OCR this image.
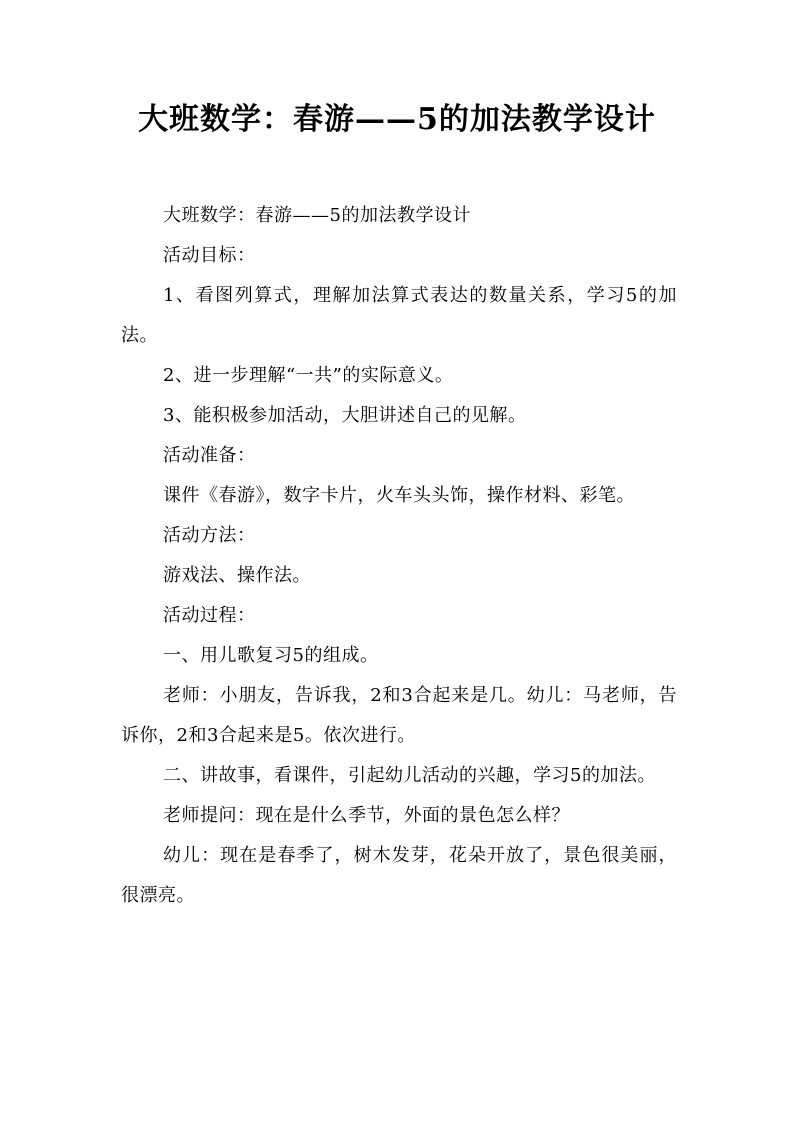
大班数学：春游——5的加法教学设计

大班数学：春游——5的加法教学设计

活动目标：

1、看图列算式，理解加法算式表达的数量关系，学习5的加法。

2、进一步理解“一共”的实际意义。

3、能积极参加活动，大胆讲述自己的见解。

活动准备：

课件《春游》，数字卡片，火车头头饰，操作材料、彩笔。

活动方法：

游戏法、操作法。

活动过程：

一、用儿歌复习5的组成。

老师：小朋友，告诉我，2和3合起来是几。幼儿：马老师，告诉你，2和3合起来是5。依次进行。

二、讲故事，看课件，引起幼儿活动的兴趣，学习5的加法。

老师提问：现在是什么季节，外面的景色怎么样？

幼儿：现在是春季了，树木发芽，花朵开放了，景色很美丽，很漂亮。
